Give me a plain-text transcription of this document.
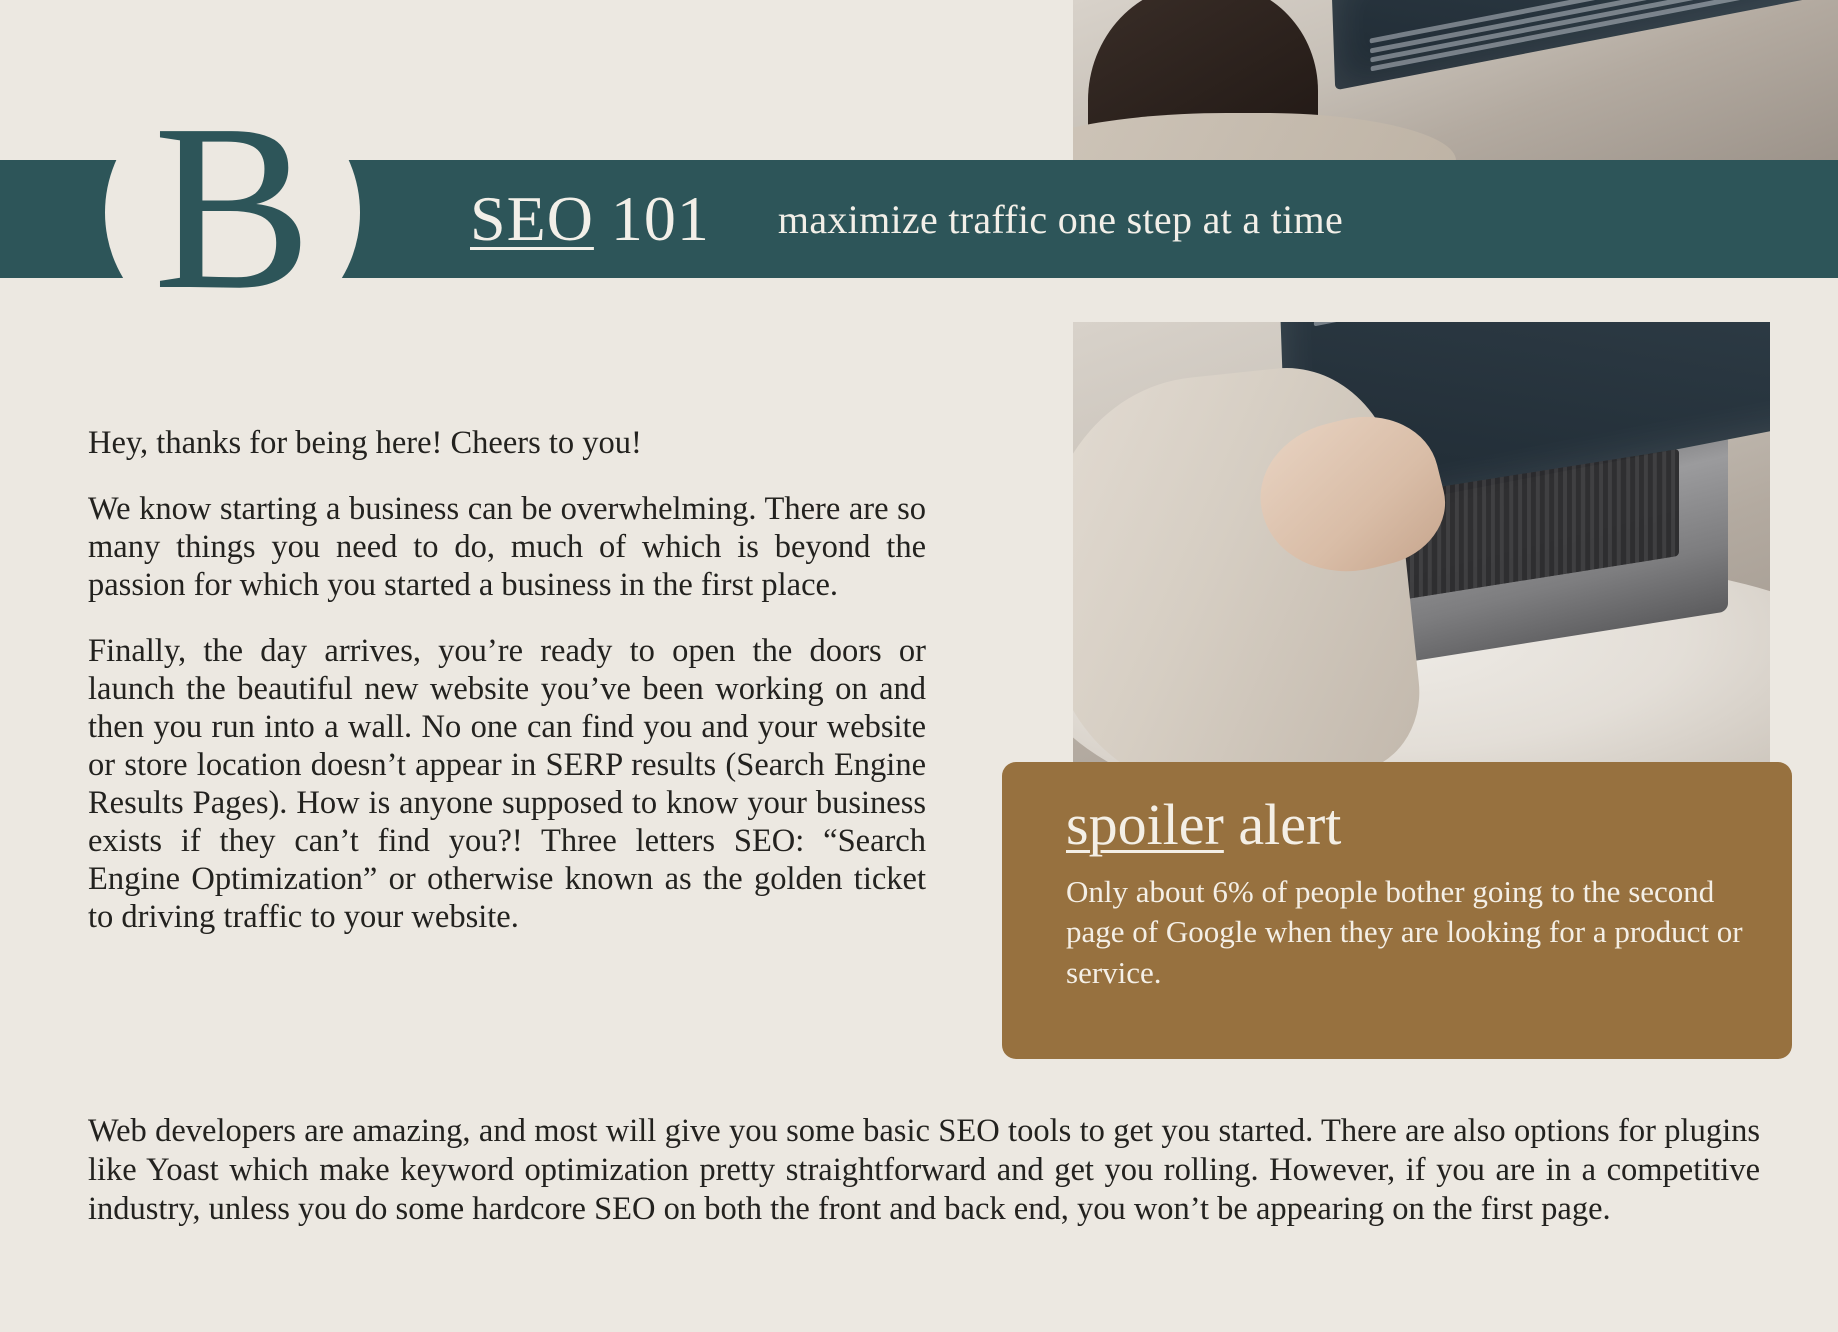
SEO 101 maximize traffic one step at a time
B

Hey, thanks for being here! Cheers to you!

We know starting a business can be overwhelming. There are so many things you need to do, much of which is beyond the passion for which you started a business in the first place.

Finally, the day arrives, you’re ready to open the doors or launch the beautiful new website you’ve been working on and then you run into a wall. No one can find you and your website or store location doesn’t appear in SERP results (Search Engine Results Pages). How is anyone supposed to know your business exists if they can’t find you?! Three letters SEO: “Search Engine Optimization” or otherwise known as the golden ticket to driving traffic to your website.

spoiler alert

Only about 6% of people bother going to the second page of Google when they are looking for a product or service.

Web developers are amazing, and most will give you some basic SEO tools to get you started. There are also options for plugins like Yoast which make keyword optimization pretty straightforward and get you rolling. However, if you are in a competitive industry, unless you do some hardcore SEO on both the front and back end, you won’t be appearing on the first page.
